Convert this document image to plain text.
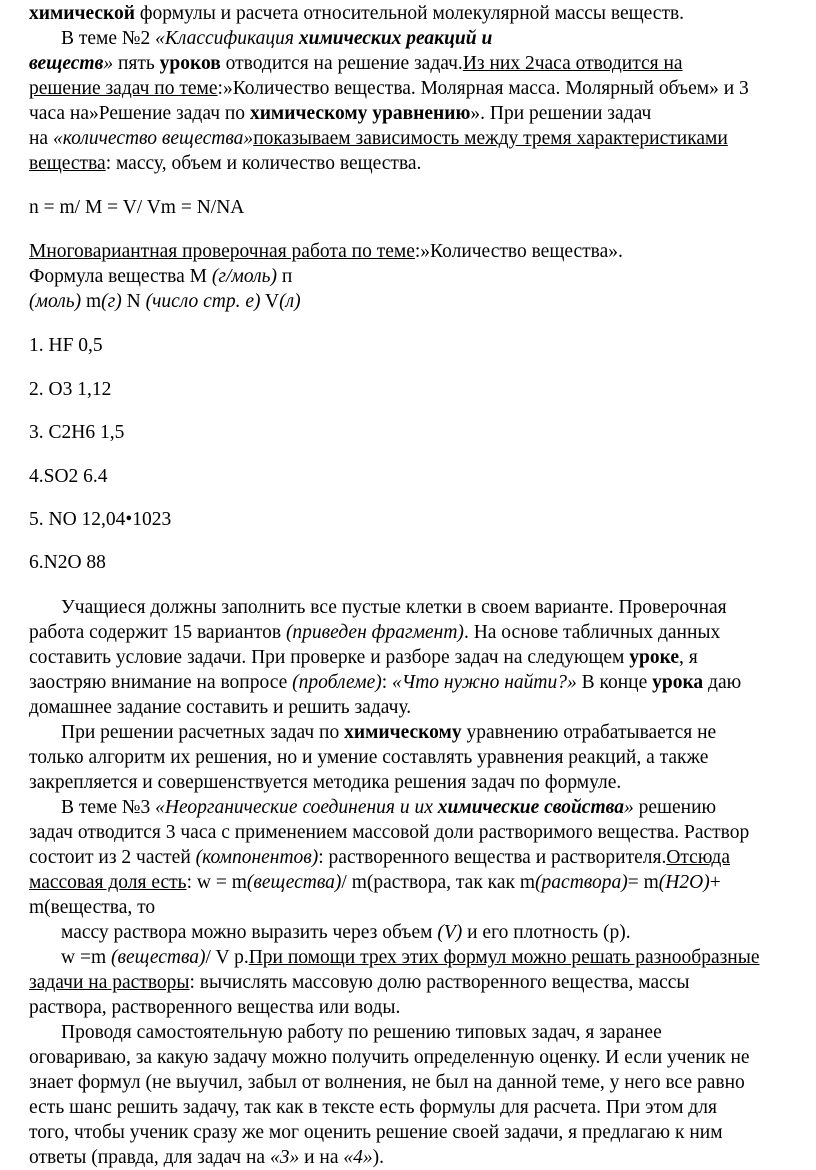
химической формулы и расчета относительной молекулярной массы веществ.
В теме №2 «Классификация химических реакций и
веществ» пять уроков отводится на решение задач.Из них 2часа отводится на
решение задач по теме:»Количество вещества. Молярная масса. Молярный объем» и 3
часа на»Решение задач по химическому уравнению». При решении задач
на «количество вещества»показываем зависимость между тремя характеристиками
вещества: массу, объем и количество вещества.
n = m/ M = V/ Vm = N/NA
Многовариантная проверочная работа по теме:»Количество вещества».
Формула вещества M (г/моль) п
(моль) m(г) N (число стр. е) V(л)
1. HF 0,5
2. O3 1,12
3. C2H6 1,5
4.SO2 6.4
5. NO 12,04•1023
6.N2O 88
Учащиеся должны заполнить все пустые клетки в своем варианте. Проверочная
работа содержит 15 вариантов (приведен фрагмент). На основе табличных данных
составить условие задачи. При проверке и разборе задач на следующем уроке, я
заостряю внимание на вопросе (проблеме): «Что нужно найти?» В конце урока даю
домашнее задание составить и решить задачу.
При решении расчетных задач по химическому уравнению отрабатывается не
только алгоритм их решения, но и умение составлять уравнения реакций, а также
закрепляется и совершенствуется методика решения задач по формуле.
В теме №3 «Неорганические соединения и их химические свойства» решению
задач отводится 3 часа с применением массовой доли растворимого вещества. Раствор
состоит из 2 частей (компонентов): растворенного вещества и растворителя.Отсюда
массовая доля есть: w = m(вещества)/ m(раствора, так как m(раствора)= m(H2O)+
m(вещества, то
массу раствора можно выразить через объем (V) и его плотность (p).
w =m (вещества)/ V p.При помощи трех этих формул можно решать разнообразные
задачи на растворы: вычислять массовую долю растворенного вещества, массы
раствора, растворенного вещества или воды.
Проводя самостоятельную работу по решению типовых задач, я заранее
оговариваю, за какую задачу можно получить определенную оценку. И если ученик не
знает формул (не выучил, забыл от волнения, не был на данной теме, у него все равно
есть шанс решить задачу, так как в тексте есть формулы для расчета. При этом для
того, чтобы ученик сразу же мог оценить решение своей задачи, я предлагаю к ним
ответы (правда, для задач на «3» и на «4»).
